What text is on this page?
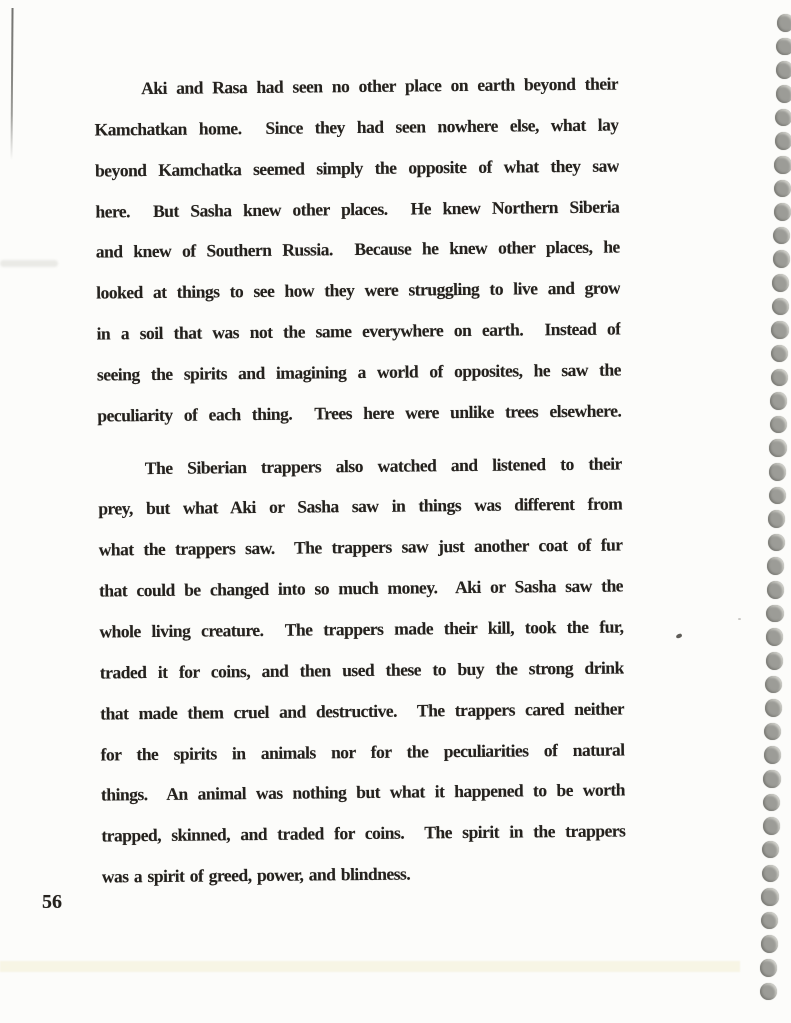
Aki and Rasa had seen no other place on earth beyond their
Kamchatkan home.  Since they had seen nowhere else, what lay
beyond Kamchatka seemed simply the opposite of what they saw
here.  But Sasha knew other places.  He knew Northern Siberia
and knew of Southern Russia.  Because he knew other places, he
looked at things to see how they were struggling to live and grow
in a soil that was not the same everywhere on earth.  Instead of
seeing the spirits and imagining a world of opposites, he saw the
peculiarity of each thing.  Trees here were unlike trees elsewhere.
The Siberian trappers also watched and listened to their
prey, but what Aki or Sasha saw in things was different from
what the trappers saw.  The trappers saw just another coat of fur
that could be changed into so much money.  Aki or Sasha saw the
whole living creature.  The trappers made their kill, took the fur,
traded it for coins, and then used these to buy the strong drink
that made them cruel and destructive.  The trappers cared neither
for the spirits in animals nor for the peculiarities of natural
things.  An animal was nothing but what it happened to be worth
trapped, skinned, and traded for coins.  The spirit in the trappers
was a spirit of greed, power, and blindness.
56
